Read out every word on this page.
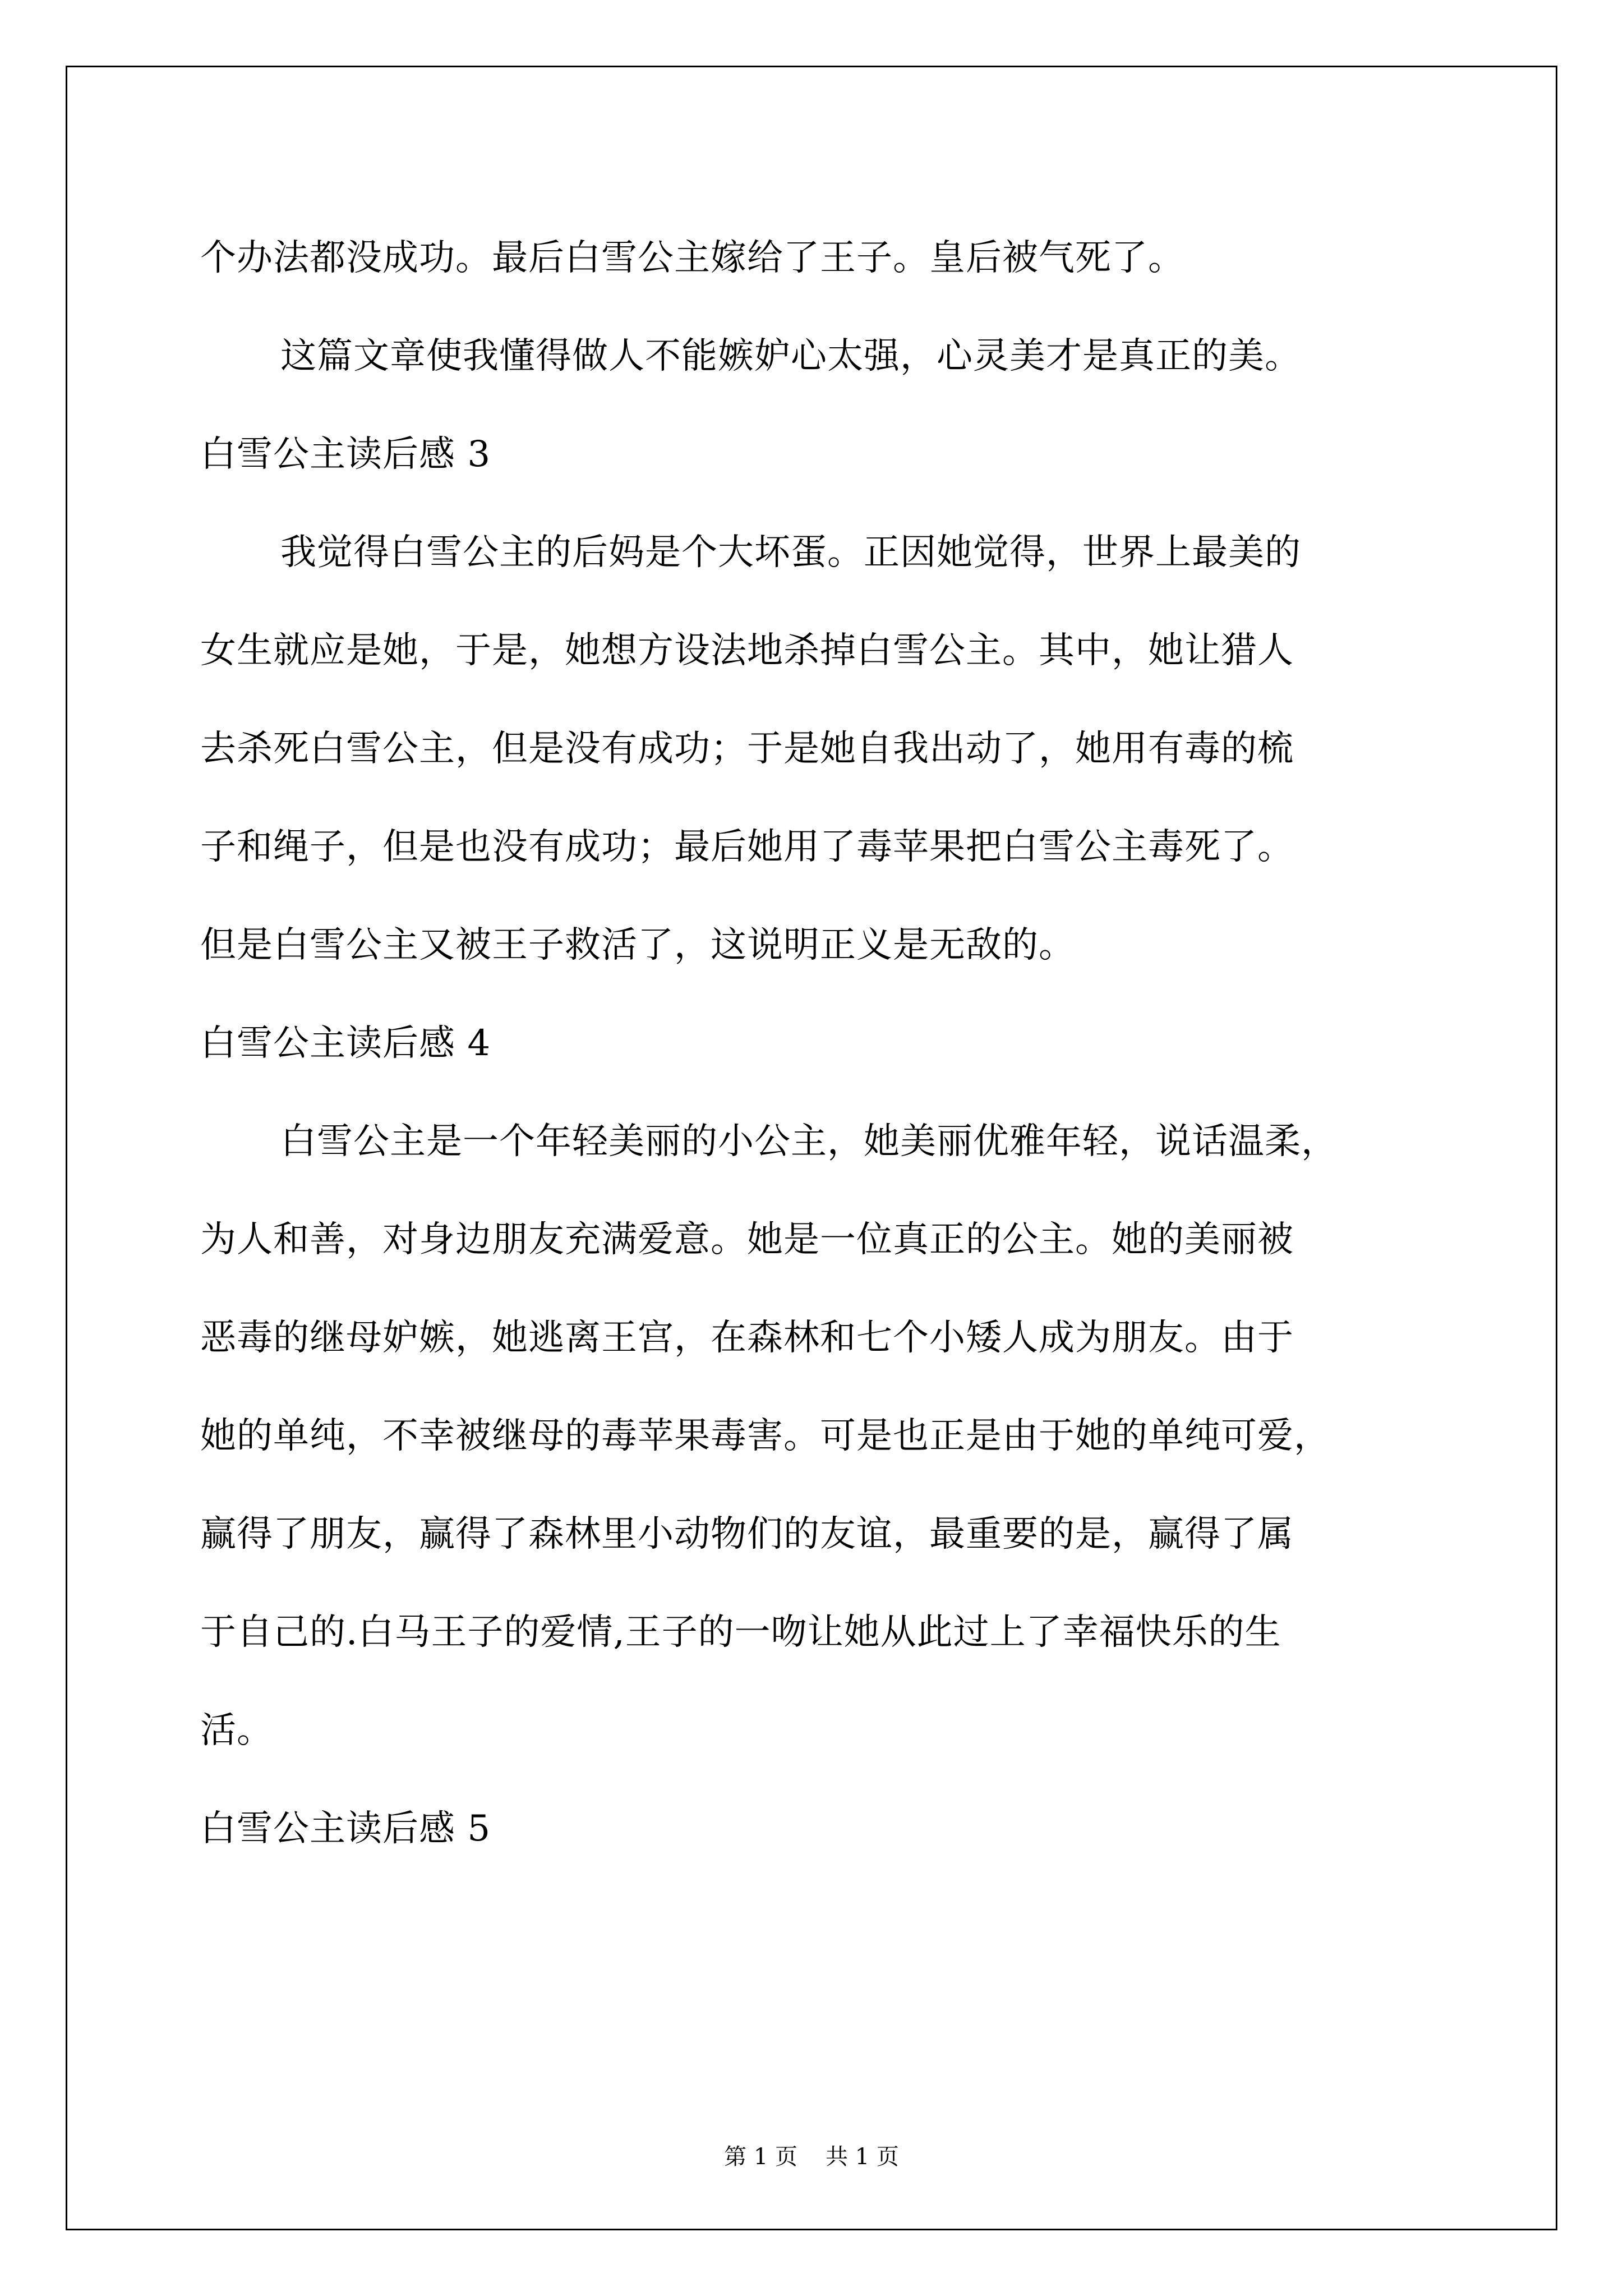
个办法都没成功。最后白雪公主嫁给了王子。皇后被气死了。
这篇文章使我懂得做人不能嫉妒心太强，心灵美才是真正的美。
白雪公主读后感 3
我觉得白雪公主的后妈是个大坏蛋。正因她觉得，世界上最美的
女生就应是她，于是，她想方设法地杀掉白雪公主。其中，她让猎人
去杀死白雪公主，但是没有成功；于是她自我出动了，她用有毒的梳
子和绳子，但是也没有成功；最后她用了毒苹果把白雪公主毒死了。
但是白雪公主又被王子救活了，这说明正义是无敌的。
白雪公主读后感 4
白雪公主是一个年轻美丽的小公主，她美丽优雅年轻，说话温柔，
为人和善，对身边朋友充满爱意。她是一位真正的公主。她的美丽被
恶毒的继母妒嫉，她逃离王宫，在森林和七个小矮人成为朋友。由于
她的单纯，不幸被继母的毒苹果毒害。可是也正是由于她的单纯可爱，
赢得了朋友，赢得了森林里小动物们的友谊，最重要的是，赢得了属
于自己的.白马王子的爱情,王子的一吻让她从此过上了幸福快乐的生
活。
白雪公主读后感 5
第 1 页 共 1 页
